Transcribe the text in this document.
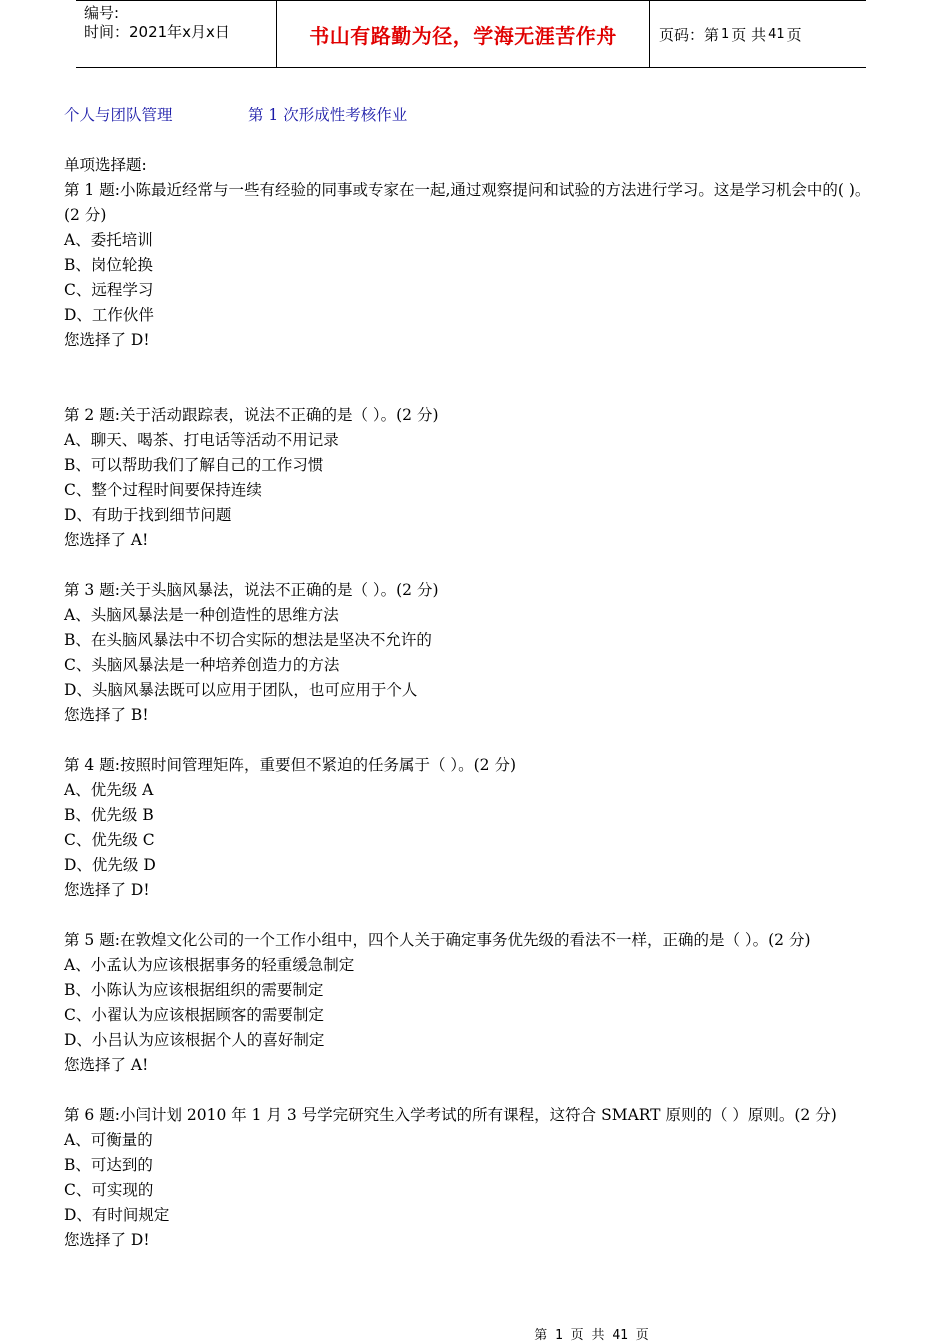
编号:
时间：2021年x月x日	书山有路勤为径，学海无涯苦作舟	页码：第 1 页 共 41 页
个人与团队管理	第 1 次形成性考核作业

单项选择题:

第 1 题:小陈最近经常与一些有经验的同事或专家在一起,通过观察提问和试验的方法进行学习。这是学习机会中的( )。(2 分)

A、委托培训

B、岗位轮换

C、远程学习

D、工作伙伴

您选择了 D!

第 2 题:关于活动跟踪表，说法不正确的是（ ）。(2 分)

A、聊天、喝茶、打电话等活动不用记录

B、可以帮助我们了解自己的工作习惯

C、整个过程时间要保持连续

D、有助于找到细节问题

您选择了 A!

第 3 题:关于头脑风暴法，说法不正确的是（ ）。(2 分)

A、头脑风暴法是一种创造性的思维方法

B、在头脑风暴法中不切合实际的想法是坚决不允许的

C、头脑风暴法是一种培养创造力的方法

D、头脑风暴法既可以应用于团队，也可应用于个人

您选择了 B!

第 4 题:按照时间管理矩阵，重要但不紧迫的任务属于（ ）。(2 分)

A、优先级 A

B、优先级 B

C、优先级 C

D、优先级 D

您选择了 D!

第 5 题:在敦煌文化公司的一个工作小组中，四个人关于确定事务优先级的看法不一样，正确的是（ ）。(2 分)

A、小孟认为应该根据事务的轻重缓急制定

B、小陈认为应该根据组织的需要制定

C、小翟认为应该根据顾客的需要制定

D、小吕认为应该根据个人的喜好制定

您选择了 A!

第 6 题:小闫计划 2010 年 1 月 3 号学完研究生入学考试的所有课程，这符合 SMART 原则的（ ）原则。(2 分)

A、可衡量的

B、可达到的

C、可实现的

D、有时间规定

您选择了 D!

第 1 页 共 41 页
